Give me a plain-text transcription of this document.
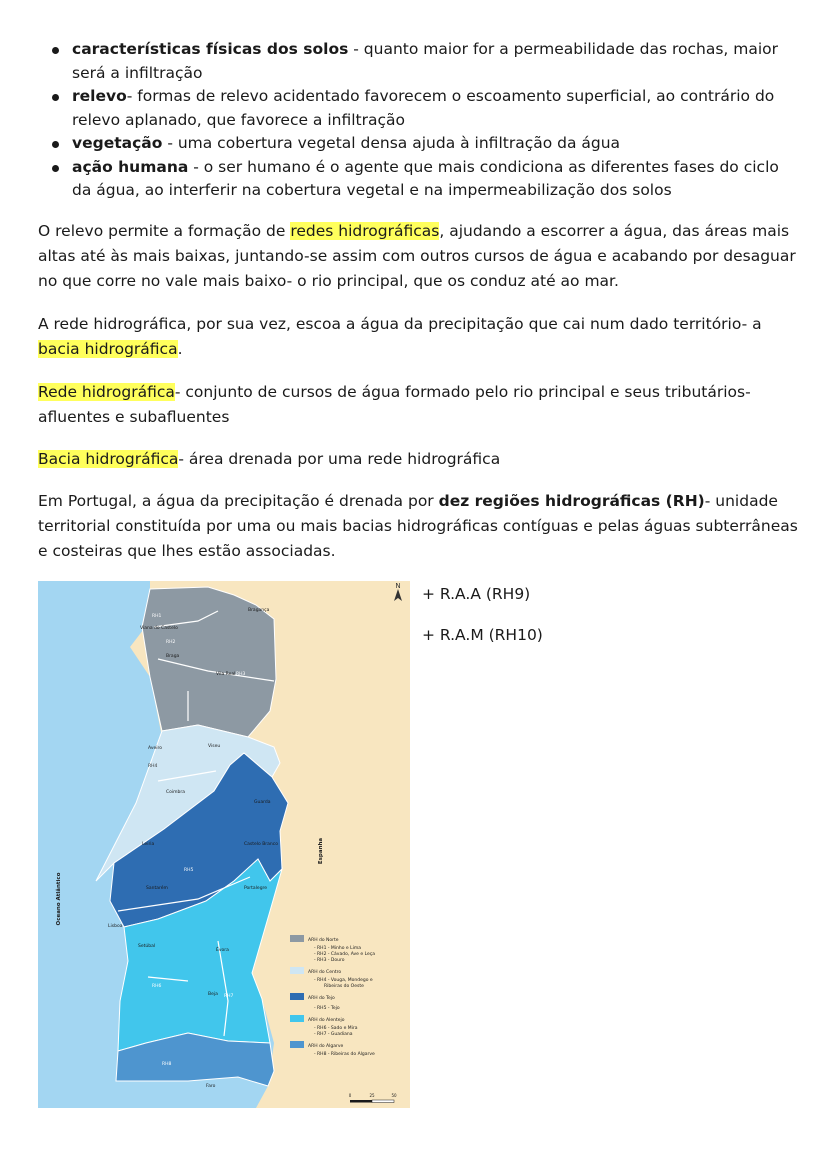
características físicas dos solos - quanto maior for a permeabilidade das rochas, maior será a infiltração
relevo- formas de relevo acidentado favorecem o escoamento superficial, ao contrário do relevo aplanado, que favorece a infiltração
vegetação - uma cobertura vegetal densa ajuda à infiltração da água
ação humana - o ser humano é o agente que mais condiciona as diferentes fases do ciclo da água, ao interferir na cobertura vegetal e na impermeabilização dos solos

O relevo permite a formação de redes hidrográficas, ajudando a escorrer a água, das áreas mais altas até às mais baixas, juntando-se assim com outros cursos de água e acabando por desaguar no que corre no vale mais baixo- o rio principal, que os conduz até ao mar.

A rede hidrográfica, por sua vez, escoa a água da precipitação que cai num dado território- a bacia hidrográfica.

Rede hidrográfica- conjunto de cursos de água formado pelo rio principal e seus tributários- afluentes e subafluentes

Bacia hidrográfica- área drenada por uma rede hidrográfica

Em Portugal, a água da precipitação é drenada por dez regiões hidrográficas (RH)- unidade territorial constituída por uma ou mais bacias hidrográficas contíguas e pelas águas subterrâneas e costeiras que lhes estão associadas.

N
Viana do Castelo
Braga
Bragança
Vila Real
Aveiro	Viseu
Guarda
Coimbra
Leiria	Castelo Branco
Portalegre
Santarém
Lisboa
Setúbal
Évora
Beja
Faro
RH1
RH2
RH3
RH4
RH5
RH6
RH7
RH8
Oceano Atlântico
Espanha
ARH do Norte
- RH1 - Minho e Lima
- RH2 - Cávado, Ave e Leça
- RH3 - Douro
ARH do Centro
- RH4 - Vouga, Mondego e
Ribeiras do Oeste
ARH do Tejo
- RH5 - Tejo
ARH do Alentejo
- RH6 - Sado e Mira
- RH7 - Guadiana
ARH do Algarve
- RH8 - Ribeiras do Algarve
0	25	50
+ R.A.A (RH9)
+ R.A.M (RH10)
